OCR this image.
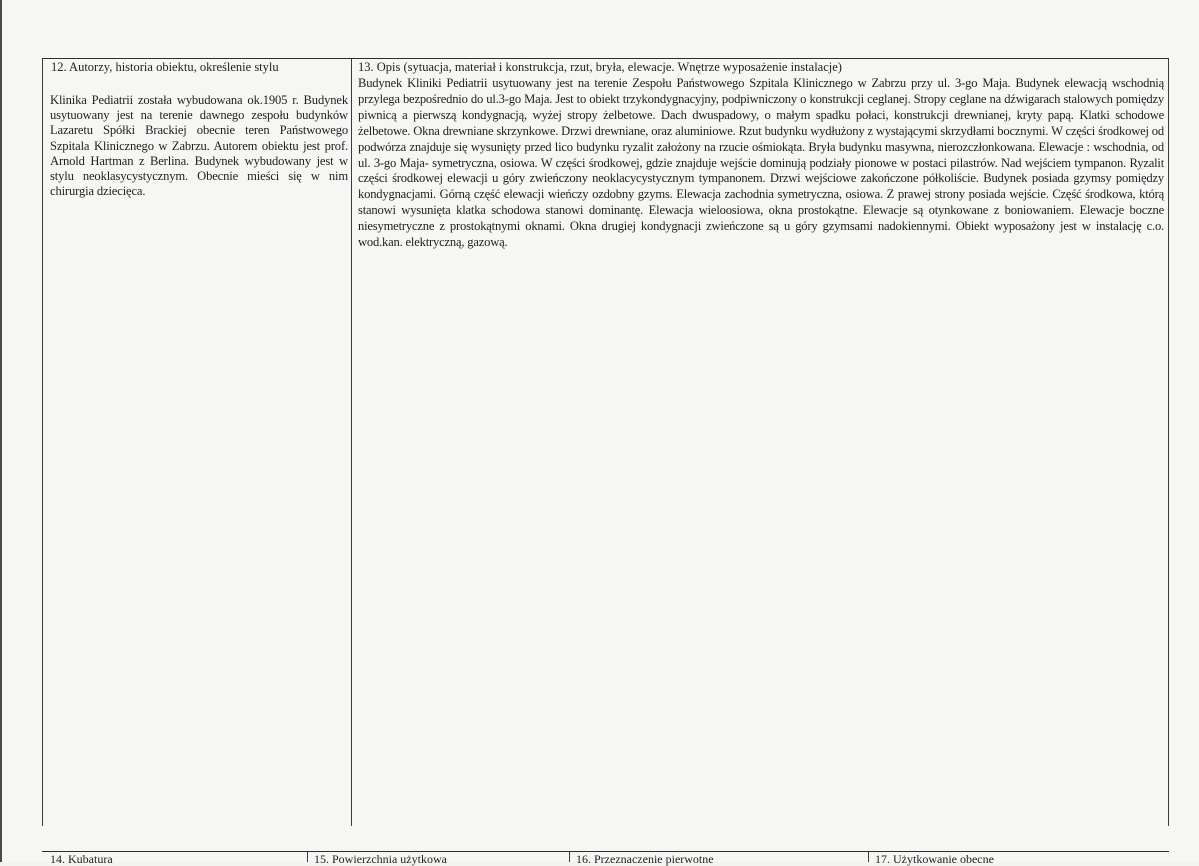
12. Autorzy, historia obiektu, określenie stylu

Klinika Pediatrii została wybudowana ok.1905 r. Budynek usytuowany jest na terenie dawnego zespołu budynków Lazaretu Spółki Brackiej obecnie teren Państwowego Szpitala Klinicznego w Zabrzu. Autorem obiektu jest prof. Arnold Hartman z Berlina. Budynek wybudowany jest w stylu neoklasycystycznym. Obecnie mieści się w nim chirurgia dziecięca.

13. Opis (sytuacja, materiał i konstrukcja, rzut, bryła, elewacje. Wnętrze wyposażenie instalacje)

Budynek Kliniki Pediatrii usytuowany jest na terenie Zespołu Państwowego Szpitala Klinicznego w Zabrzu przy ul. 3-go Maja. Budynek elewacją wschodnią przylega bezpośrednio do ul.3-go Maja. Jest to obiekt trzykondygnacyjny, podpiwniczony o konstrukcji ceglanej. Stropy ceglane na dźwigarach stalowych pomiędzy piwnicą a pierwszą kondygnacją, wyżej stropy żelbetowe. Dach dwuspadowy, o małym spadku połaci, konstrukcji drewnianej, kryty papą. Klatki schodowe żelbetowe. Okna drewniane skrzynkowe. Drzwi drewniane, oraz aluminiowe. Rzut budynku wydłużony z wystającymi skrzydłami bocznymi. W części środkowej od podwórza znajduje się wysunięty przed lico budynku ryzalit założony na rzucie ośmiokąta. Bryła budynku masywna, nierozczłonkowana. Elewacje : wschodnia, od ul. 3-go Maja- symetryczna, osiowa. W części środkowej, gdzie znajduje wejście dominują podziały pionowe w postaci pilastrów. Nad wejściem tympanon. Ryzalit części środkowej elewacji u góry zwieńczony neoklacycystycznym tympanonem. Drzwi wejściowe zakończone półkoliście. Budynek posiada gzymsy pomiędzy kondygnacjami. Górną część elewacji wieńczy ozdobny gzyms. Elewacja zachodnia symetryczna, osiowa. Z prawej strony posiada wejście. Część środkowa, którą stanowi wysunięta klatka schodowa stanowi dominantę. Elewacja wieloosiowa, okna prostokątne. Elewacje są otynkowane z boniowaniem. Elewacje boczne niesymetryczne z prostokątnymi oknami. Okna drugiej kondygnacji zwieńczone są u góry gzymsami nadokiennymi. Obiekt wyposażony jest w instalację c.o. wod.kan. elektryczną, gazową.

14. Kubatura	15. Powierzchnia użytkowa	16. Przeznaczenie pierwotne	17. Użytkowanie obecne
